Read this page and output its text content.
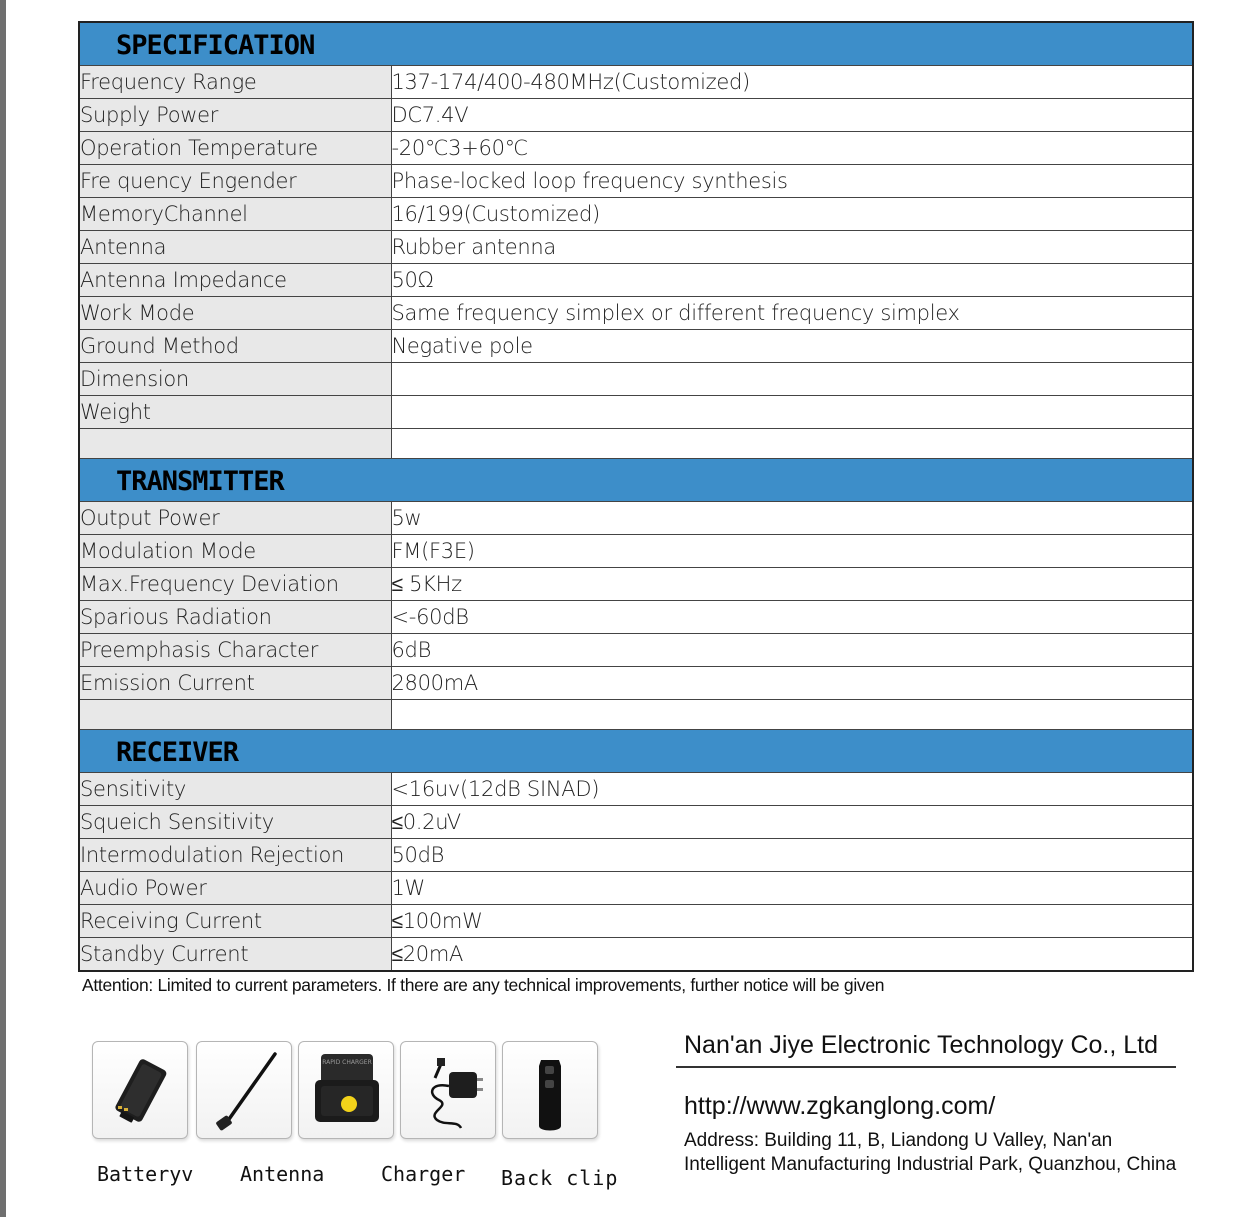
SPECIFICATION	
Frequency Range	137-174/400-480MHz(Customized)
Supply Power	DC7.4V
Operation Temperature	-20℃3+60℃
Fre quency Engender	Phase-locked loop frequency synthesis
MemoryChannel	16/199(Customized)
Antenna	Rubber antenna
Antenna Impedance	50Ω
Work Mode	Same frequency simplex or different frequency simplex
Ground Method	Negative pole
Dimension	
Weight	

TRANSMITTER	
Output Power	5w
Modulation Mode	FM(F3E)
Max.Frequency Deviation	≤ 5KHz
Sparious Radiation	<-60dB
Preemphasis Character	6dB
Emission Current	2800mA

RECEIVER	
Sensitivity	<16uv(12dB SINAD)
Squeich Sensitivity	≤0.2uV
Intermodulation Rejection	50dB
Audio Power	1W
Receiving Current	≤100mW
Standby Current	≤20mA
Attention: Limited to current parameters. If there are any technical improvements, further notice will be given
RAPID CHARGER
Batteryv Antenna	Charger Back clip
Nan'an Jiye Electronic Technology Co., Ltd
http://www.zgkanglong.com/
Address: Building 11, B, Liandong U Valley, Nan'an
Intelligent Manufacturing Industrial Park, Quanzhou, China
